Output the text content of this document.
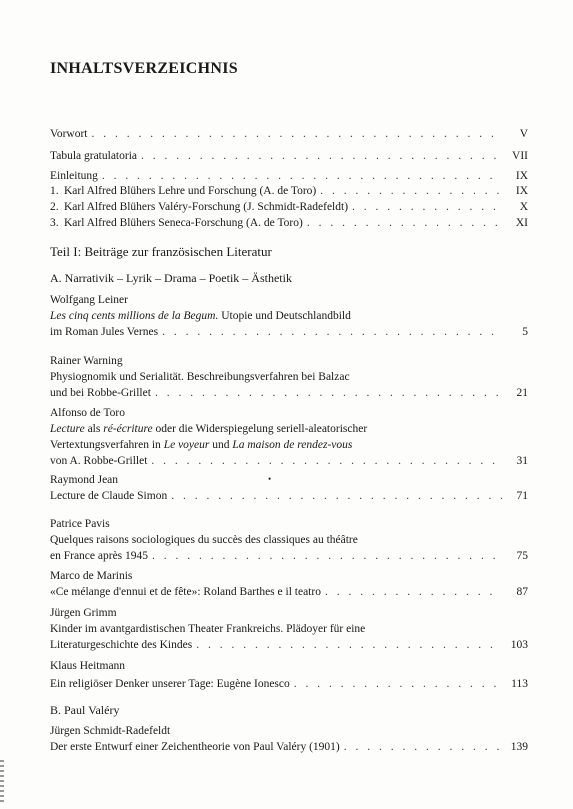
INHALTSVERZEICHNIS
Vorwort . . .	V
Tabula gratulatoria . . .	VII
Einleitung . . .	IX
1. Karl Alfred Blühers Lehre und Forschung (A. de Toro) . . .	IX
2. Karl Alfred Blühers Valéry-Forschung (J. Schmidt-Radefeldt) . . .	X
3. Karl Alfred Blühers Seneca-Forschung (A. de Toro) . . .	XI
Teil I: Beiträge zur französischen Literatur
A. Narrativik – Lyrik – Drama – Poetik – Ästhetik
Wolfgang Leiner
Les cinq cents millions de la Begum. Utopie und Deutschlandbild
im Roman Jules Vernes . . .	5
Rainer Warning
Physiognomik und Serialität. Beschreibungsverfahren bei Balzac
und bei Robbe-Grillet . . .	21
Alfonso de Toro
Lecture als ré-écriture oder die Widerspiegelung seriell-aleatorischer
Vertextungsverfahren in Le voyeur und La maison de rendez-vous
von A. Robbe-Grillet . . .	31
Raymond Jean	•
Lecture de Claude Simon . . .	71
Patrice Pavis
Quelques raisons sociologiques du succès des classiques au théâtre
en France après 1945 . . .	75
Marco de Marinis
«Ce mélange d'ennui et de fête»: Roland Barthes e il teatro . . .	87
Jürgen Grimm
Kinder im avantgardistischen Theater Frankreichs. Plädoyer für eine
Literaturgeschichte des Kindes . . .	103
Klaus Heitmann
Ein religiöser Denker unserer Tage: Eugène Ionesco . . .	113
B. Paul Valéry
Jürgen Schmidt-Radefeldt
Der erste Entwurf einer Zeichentheorie von Paul Valéry (1901) . . .	139
